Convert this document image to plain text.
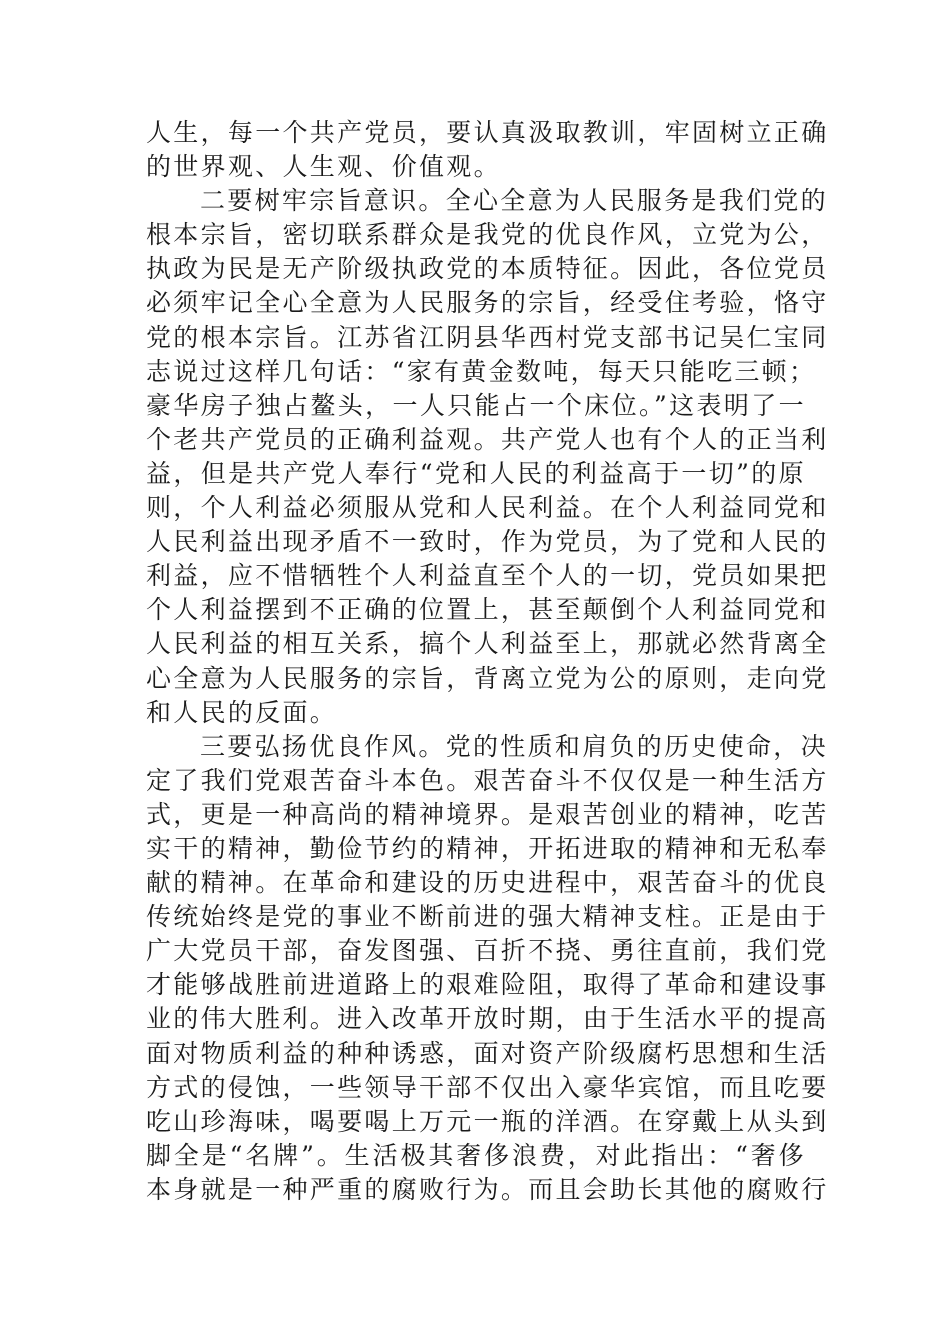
人生，每一个共产党员，要认真汲取教训，牢固树立正确
的世界观、人生观、价值观。
二要树牢宗旨意识。全心全意为人民服务是我们党的
根本宗旨，密切联系群众是我党的优良作风，立党为公，
执政为民是无产阶级执政党的本质特征。因此，各位党员
必须牢记全心全意为人民服务的宗旨，经受住考验，恪守
党的根本宗旨。江苏省江阴县华西村党支部书记吴仁宝同
志说过这样几句话：“家有黄金数吨，每天只能吃三顿；
豪华房子独占鳌头，一人只能占一个床位。”这表明了一
个老共产党员的正确利益观。共产党人也有个人的正当利
益，但是共产党人奉行“党和人民的利益高于一切”的原
则，个人利益必须服从党和人民利益。在个人利益同党和
人民利益出现矛盾不一致时，作为党员，为了党和人民的
利益，应不惜牺牲个人利益直至个人的一切，党员如果把
个人利益摆到不正确的位置上，甚至颠倒个人利益同党和
人民利益的相互关系，搞个人利益至上，那就必然背离全
心全意为人民服务的宗旨，背离立党为公的原则，走向党
和人民的反面。
三要弘扬优良作风。党的性质和肩负的历史使命，决
定了我们党艰苦奋斗本色。艰苦奋斗不仅仅是一种生活方
式，更是一种高尚的精神境界。是艰苦创业的精神，吃苦
实干的精神，勤俭节约的精神，开拓进取的精神和无私奉
献的精神。在革命和建设的历史进程中，艰苦奋斗的优良
传统始终是党的事业不断前进的强大精神支柱。正是由于
广大党员干部，奋发图强、百折不挠、勇往直前，我们党
才能够战胜前进道路上的艰难险阻，取得了革命和建设事
业的伟大胜利。进入改革开放时期，由于生活水平的提高
面对物质利益的种种诱惑，面对资产阶级腐朽思想和生活
方式的侵蚀，一些领导干部不仅出入豪华宾馆，而且吃要
吃山珍海味，喝要喝上万元一瓶的洋酒。在穿戴上从头到
脚全是“名牌”。生活极其奢侈浪费，对此指出：“奢侈
本身就是一种严重的腐败行为。而且会助长其他的腐败行
